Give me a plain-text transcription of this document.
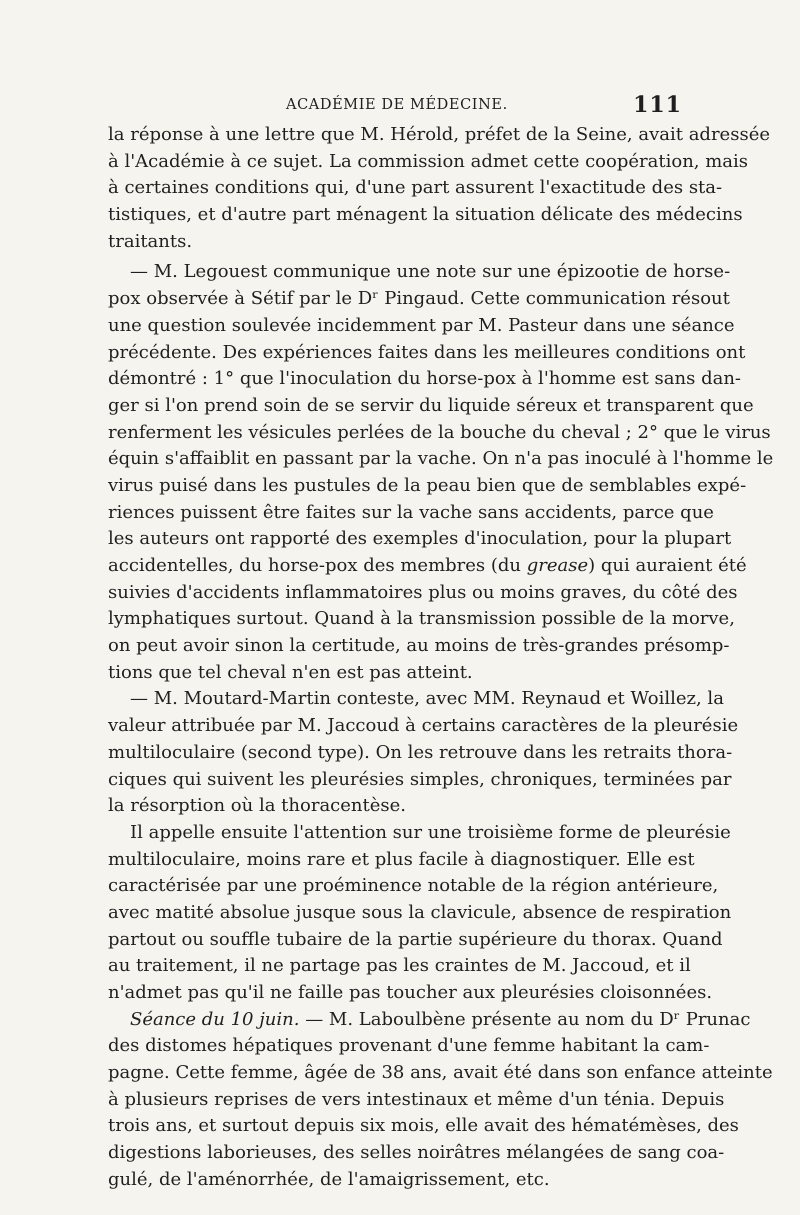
ACADÉMIE DE MÉDECINE.	111
la réponse à une lettre que M. Hérold, préfet de la Seine, avait adressée
à l'Académie à ce sujet. La commission admet cette coopération, mais
à certaines conditions qui, d'une part assurent l'exactitude des sta-
tistiques, et d'autre part ménagent la situation délicate des médecins
traitants.
— M. Legouest communique une note sur une épizootie de horse-
pox observée à Sétif par le Dʳ Pingaud. Cette communication résout
une question soulevée incidemment par M. Pasteur dans une séance
précédente. Des expériences faites dans les meilleures conditions ont
démontré : 1° que l'inoculation du horse-pox à l'homme est sans dan-
ger si l'on prend soin de se servir du liquide séreux et transparent que
renferment les vésicules perlées de la bouche du cheval ; 2° que le virus
équin s'affaiblit en passant par la vache. On n'a pas inoculé à l'homme le
virus puisé dans les pustules de la peau bien que de semblables expé-
riences puissent être faites sur la vache sans accidents, parce que
les auteurs ont rapporté des exemples d'inoculation, pour la plupart
accidentelles, du horse-pox des membres (du grease) qui auraient été
suivies d'accidents inflammatoires plus ou moins graves, du côté des
lymphatiques surtout. Quand à la transmission possible de la morve,
on peut avoir sinon la certitude, au moins de très-grandes présomp-
tions que tel cheval n'en est pas atteint.
— M. Moutard-Martin conteste, avec MM. Reynaud et Woillez, la
valeur attribuée par M. Jaccoud à certains caractères de la pleurésie
multiloculaire (second type). On les retrouve dans les retraits thora-
ciques qui suivent les pleurésies simples, chroniques, terminées par
la résorption où la thoracentèse.
Il appelle ensuite l'attention sur une troisième forme de pleurésie
multiloculaire, moins rare et plus facile à diagnostiquer. Elle est
caractérisée par une proéminence notable de la région antérieure,
avec matité absolue jusque sous la clavicule, absence de respiration
partout ou souffle tubaire de la partie supérieure du thorax. Quand
au traitement, il ne partage pas les craintes de M. Jaccoud, et il
n'admet pas qu'il ne faille pas toucher aux pleurésies cloisonnées.
Séance du 10 juin. — M. Laboulbène présente au nom du Dʳ Prunac
des distomes hépatiques provenant d'une femme habitant la cam-
pagne. Cette femme, âgée de 38 ans, avait été dans son enfance atteinte
à plusieurs reprises de vers intestinaux et même d'un ténia. Depuis
trois ans, et surtout depuis six mois, elle avait des hématémèses, des
digestions laborieuses, des selles noirâtres mélangées de sang coa-
gulé, de l'aménorrhée, de l'amaigrissement, etc.
